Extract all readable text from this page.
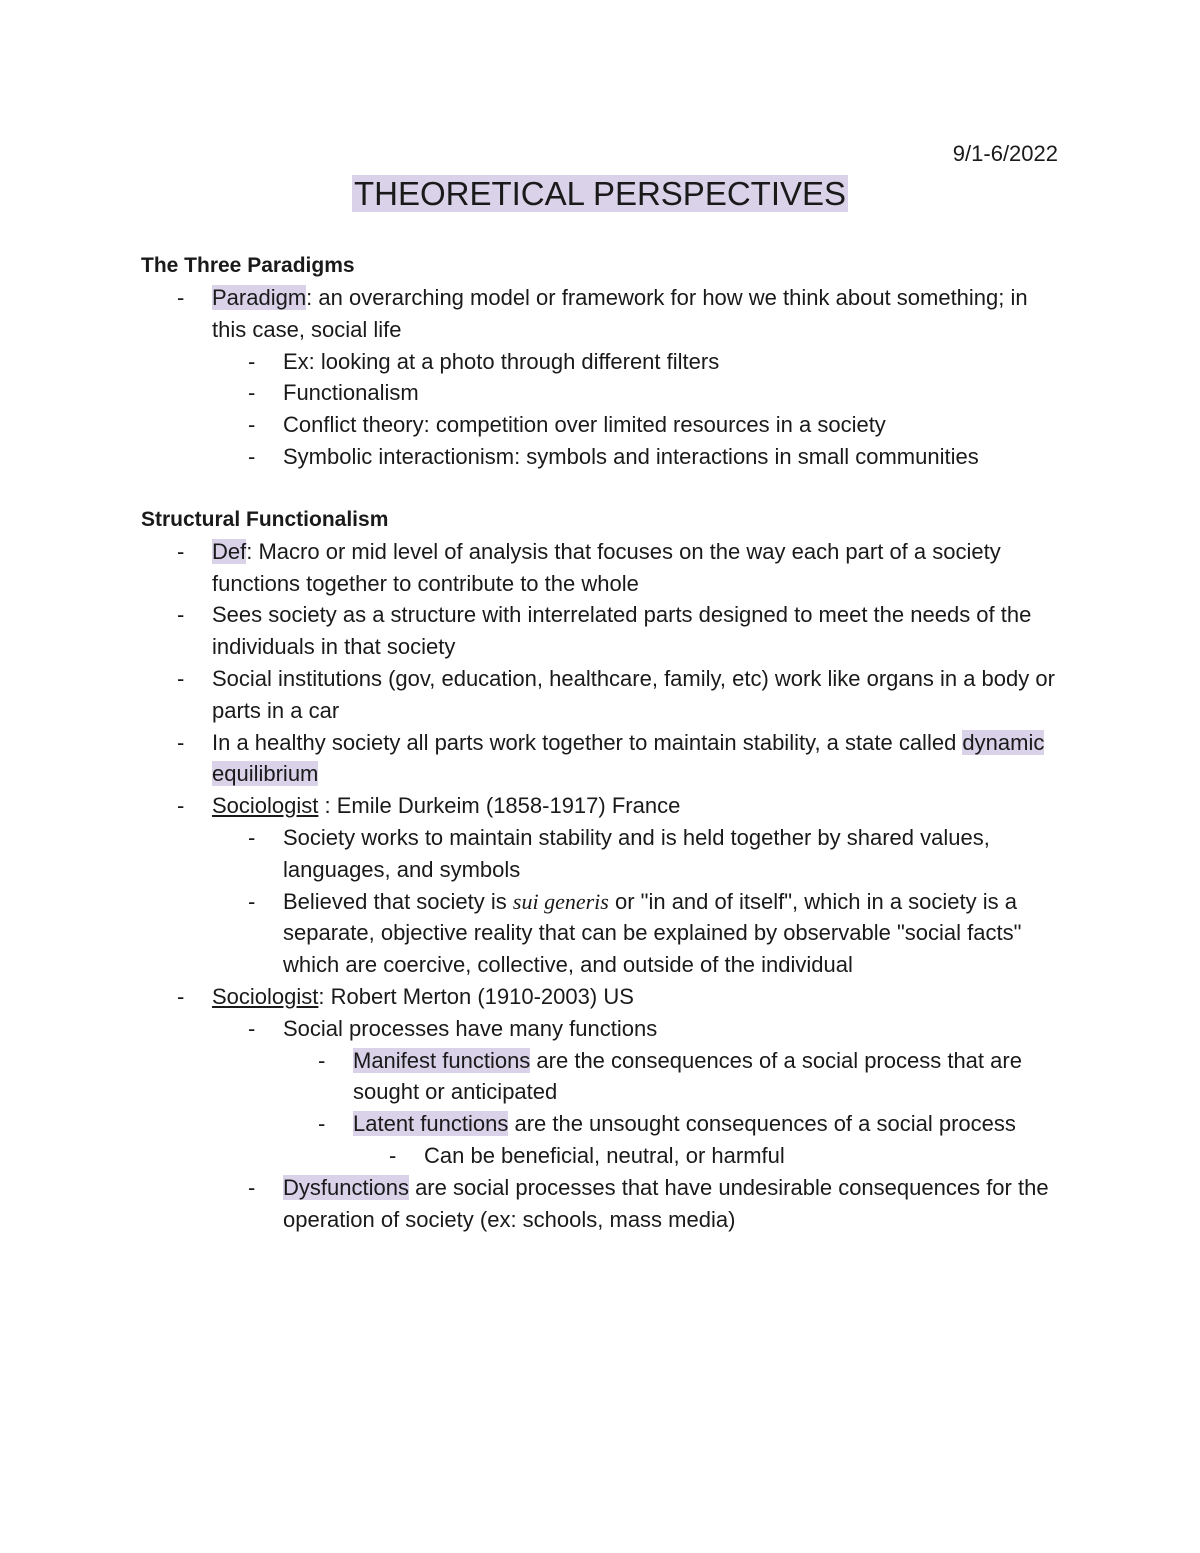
9/1-6/2022
THEORETICAL PERSPECTIVES
The Three Paradigms
- Paradigm: an overarching model or framework for how we think about something; in this case, social life
- Ex: looking at a photo through different filters
- Functionalism
- Conflict theory: competition over limited resources in a society
- Symbolic interactionism: symbols and interactions in small communities
Structural Functionalism
- Def: Macro or mid level of analysis that focuses on the way each part of a society functions together to contribute to the whole
- Sees society as a structure with interrelated parts designed to meet the needs of the individuals in that society
- Social institutions (gov, education, healthcare, family, etc) work like organs in a body or parts in a car
- In a healthy society all parts work together to maintain stability, a state called dynamic equilibrium
- Sociologist : Emile Durkeim (1858-1917) France
- Society works to maintain stability and is held together by shared values, languages, and symbols
- Believed that society is sui generis or "in and of itself", which in a society is a separate, objective reality that can be explained by observable "social facts" which are coercive, collective, and outside of the individual
- Sociologist: Robert Merton (1910-2003) US
- Social processes have many functions
- Manifest functions are the consequences of a social process that are sought or anticipated
- Latent functions are the unsought consequences of a social process
- Can be beneficial, neutral, or harmful
- Dysfunctions are social processes that have undesirable consequences for the operation of society (ex: schools, mass media)
